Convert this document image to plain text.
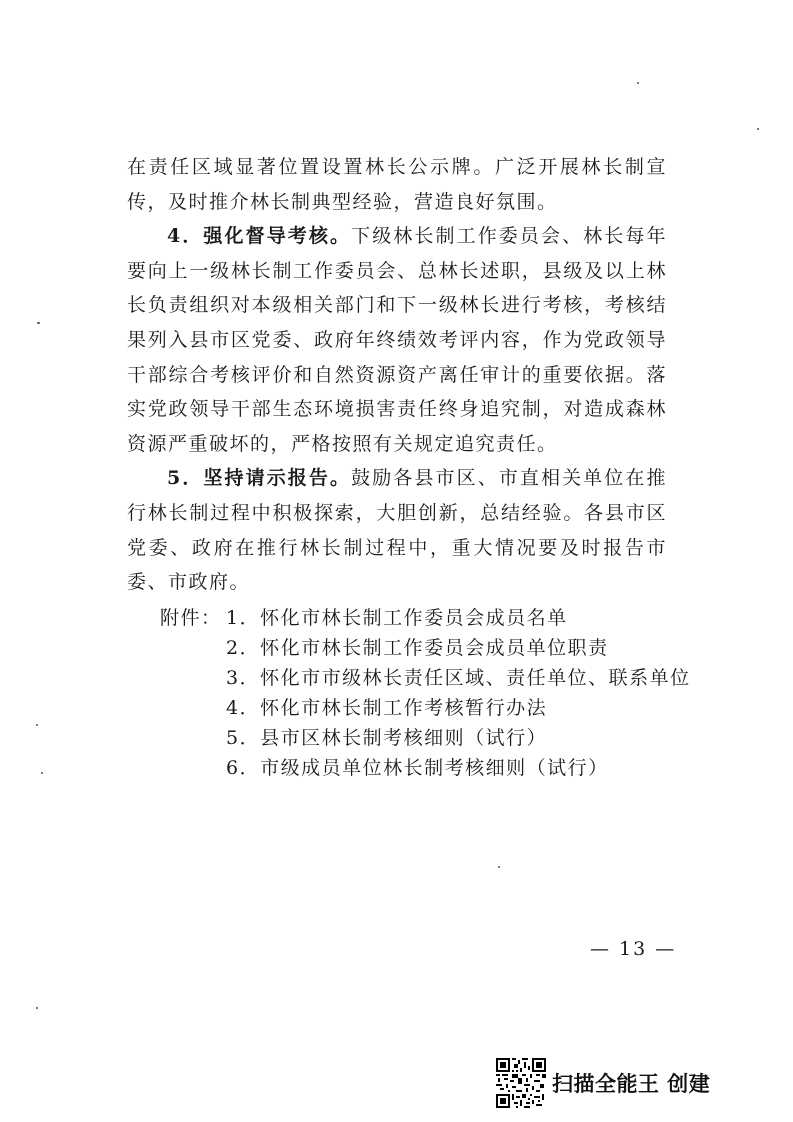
在责任区域显著位置设置林长公示牌。广泛开展林长制宣传，及时推介林长制典型经验，营造良好氛围。

4．强化督导考核。下级林长制工作委员会、林长每年要向上一级林长制工作委员会、总林长述职，县级及以上林长负责组织对本级相关部门和下一级林长进行考核，考核结果列入县市区党委、政府年终绩效考评内容，作为党政领导干部综合考核评价和自然资源资产离任审计的重要依据。落实党政领导干部生态环境损害责任终身追究制，对造成森林资源严重破坏的，严格按照有关规定追究责任。

5．坚持请示报告。鼓励各县市区、市直相关单位在推行林长制过程中积极探索，大胆创新，总结经验。各县市区党委、政府在推行林长制过程中，重大情况要及时报告市委、市政府。

附件： 1．怀化市林长制工作委员会成员名单
2．怀化市林长制工作委员会成员单位职责
3．怀化市市级林长责任区域、责任单位、联系单位
4．怀化市林长制工作考核暂行办法
5．县市区林长制考核细则（试行）
6．市级成员单位林长制考核细则（试行）
— 13 —
扫描全能王 创建
